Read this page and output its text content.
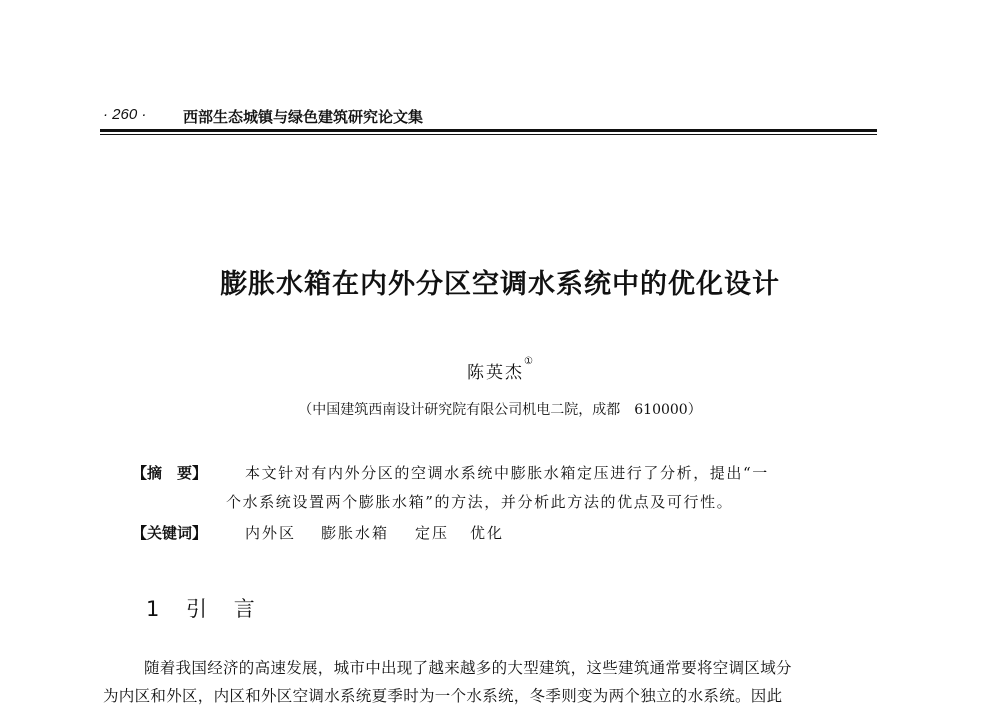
· 260 · 西部生态城镇与绿色建筑研究论文集
膨胀水箱在内外分区空调水系统中的优化设计
陈英杰①
（中国建筑西南设计研究院有限公司机电二院，成都　610000）
【摘　要】	本文针对有内外分区的空调水系统中膨胀水箱定压进行了分析，提出“一
个水系统设置两个膨胀水箱”的方法，并分析此方法的优点及可行性。
【关键词】	内外区 膨胀水箱 定压 优化
1 引 言
随着我国经济的高速发展，城市中出现了越来越多的大型建筑，这些建筑通常要将空调区域分
为内区和外区，内区和外区空调水系统夏季时为一个水系统，冬季则变为两个独立的水系统。因此
